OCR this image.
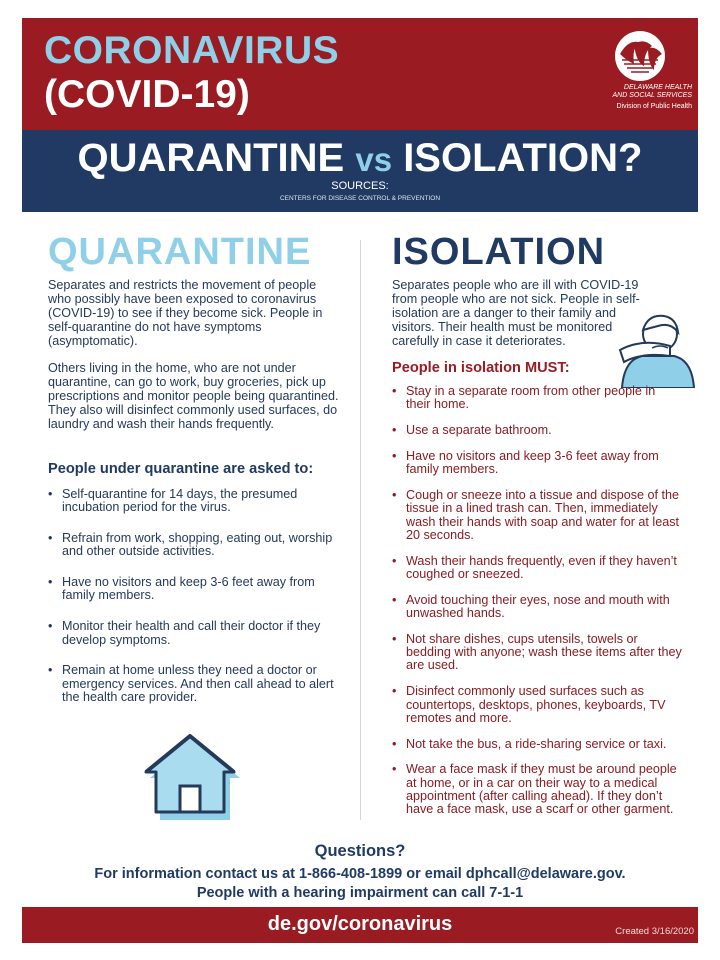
CORONAVIRUS
(COVID-19)	DELAWARE HEALTH
AND SOCIAL SERVICES
Division of Public Health
QUARANTINE vs ISOLATION?
SOURCES:
CENTERS FOR DISEASE CONTROL & PREVENTION
QUARANTINE
Separates and restricts the movement of people who possibly have been exposed to coronavirus (COVID-19) to see if they become sick. People in self-quarantine do not have symptoms (asymptomatic).
Others living in the home, who are not under quarantine, can go to work, buy groceries, pick up prescriptions and monitor people being quarantined. They also will disinfect commonly used surfaces, do laundry and wash their hands frequently.
People under quarantine are asked to:
• Self-quarantine for 14 days, the presumed incubation period for the virus.
• Refrain from work, shopping, eating out, worship and other outside activities.
• Have no visitors and keep 3-6 feet away from family members.
• Monitor their health and call their doctor if they develop symptoms.
• Remain at home unless they need a doctor or emergency services. And then call ahead to alert the health care provider.
ISOLATION
Separates people who are ill with COVID-19 from people who are not sick. People in self-isolation are a danger to their family and visitors. Their health must be monitored carefully in case it deteriorates.
People in isolation MUST:
• Stay in a separate room from other people in their home.
• Use a separate bathroom.
• Have no visitors and keep 3-6 feet away from family members.
• Cough or sneeze into a tissue and dispose of the tissue in a lined trash can. Then, immediately wash their hands with soap and water for at least 20 seconds.
• Wash their hands frequently, even if they haven’t coughed or sneezed.
• Avoid touching their eyes, nose and mouth with unwashed hands.
• Not share dishes, cups utensils, towels or bedding with anyone; wash these items after they are used.
• Disinfect commonly used surfaces such as countertops, desktops, phones, keyboards, TV remotes and more.
• Not take the bus, a ride-sharing service or taxi.
• Wear a face mask if they must be around people at home, or in a car on their way to a medical appointment (after calling ahead). If they don’t have a face mask, use a scarf or other garment.
Questions?
For information contact us at 1-866-408-1899 or email dphcall@delaware.gov.
People with a hearing impairment can call 7-1-1
de.gov/coronavirus	Created 3/16/2020
